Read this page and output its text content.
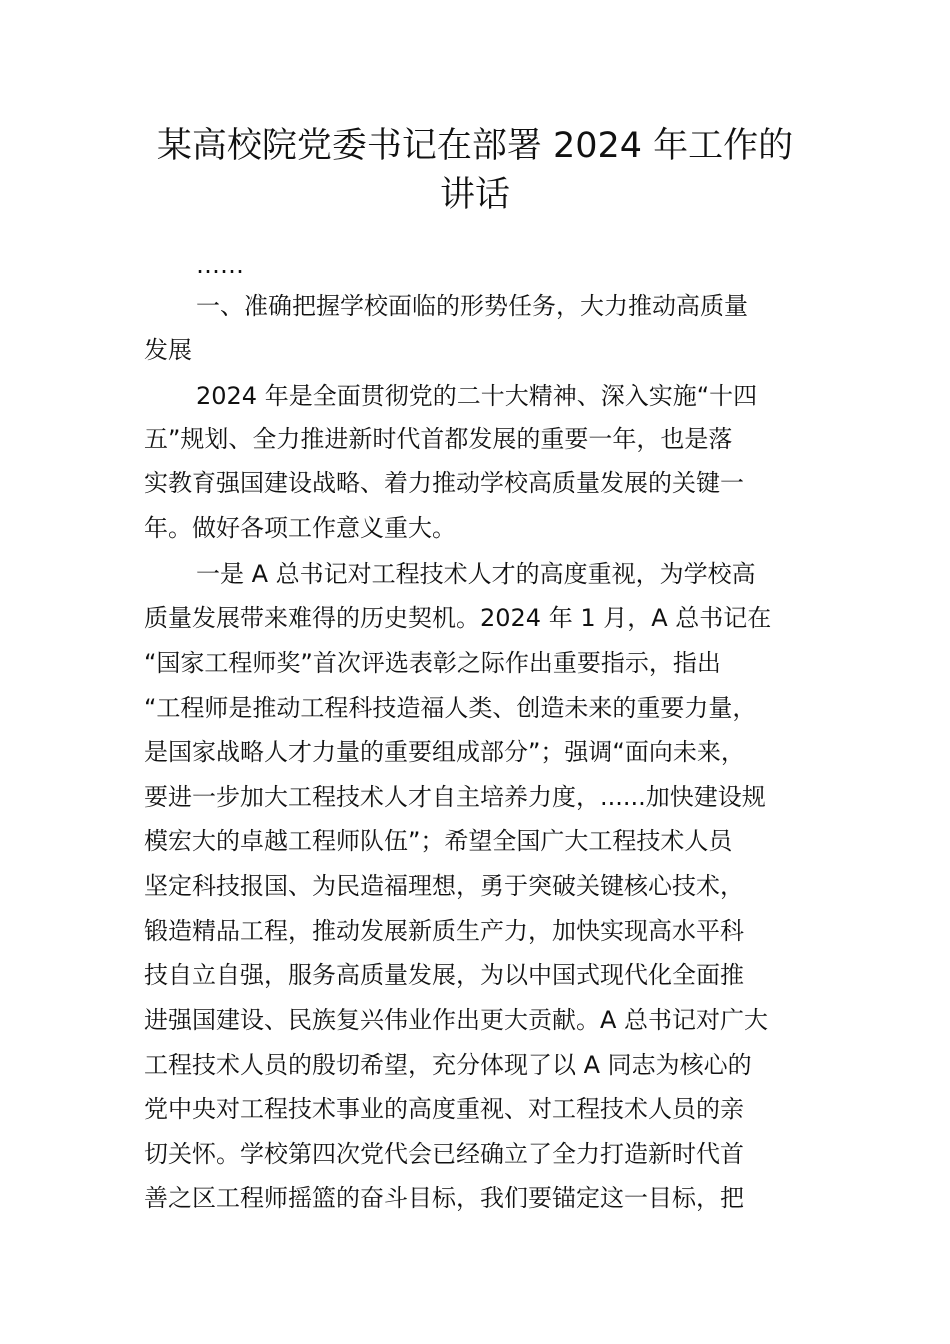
某高校院党委书记在部署 2024 年工作的
讲话

……

一、准确把握学校面临的形势任务，大力推动高质量

发展

2024 年是全面贯彻党的二十大精神、深入实施“十四

五”规划、全力推进新时代首都发展的重要一年，也是落

实教育强国建设战略、着力推动学校高质量发展的关键一

年。做好各项工作意义重大。

一是 A 总书记对工程技术人才的高度重视，为学校高

质量发展带来难得的历史契机。2024 年 1 月，A 总书记在

“国家工程师奖”首次评选表彰之际作出重要指示，指出

“工程师是推动工程科技造福人类、创造未来的重要力量，

是国家战略人才力量的重要组成部分”；强调“面向未来，

要进一步加大工程技术人才自主培养力度，......加快建设规

模宏大的卓越工程师队伍”；希望全国广大工程技术人员

坚定科技报国、为民造福理想，勇于突破关键核心技术，

锻造精品工程，推动发展新质生产力，加快实现高水平科

技自立自强，服务高质量发展，为以中国式现代化全面推

进强国建设、民族复兴伟业作出更大贡献。A 总书记对广大

工程技术人员的殷切希望，充分体现了以 A 同志为核心的

党中央对工程技术事业的高度重视、对工程技术人员的亲

切关怀。学校第四次党代会已经确立了全力打造新时代首

善之区工程师摇篮的奋斗目标，我们要锚定这一目标，把
